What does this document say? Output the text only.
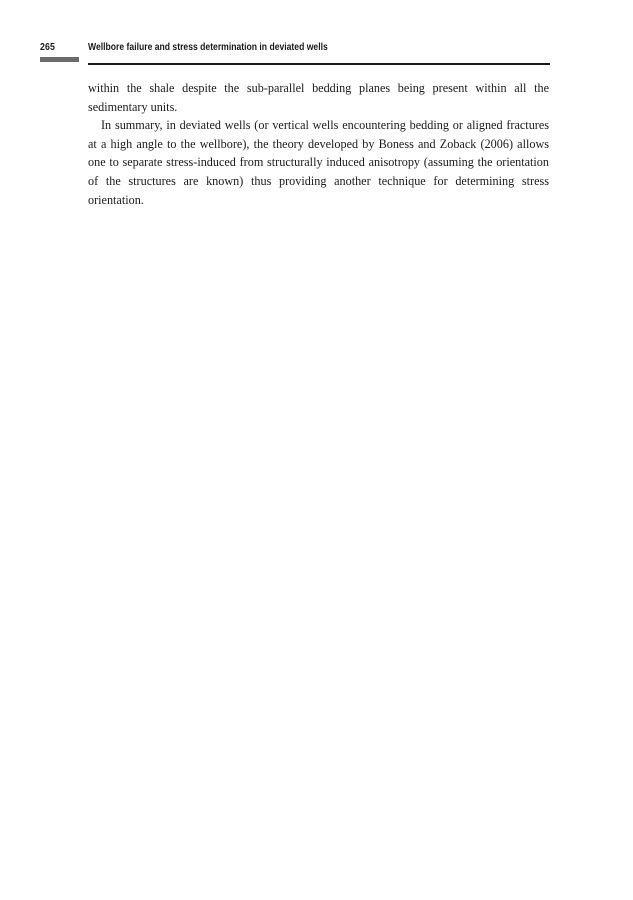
265	Wellbore failure and stress determination in deviated wells

within the shale despite the sub-parallel bedding planes being present within all the sedimentary units.

In summary, in deviated wells (or vertical wells encountering bedding or aligned fractures at a high angle to the wellbore), the theory developed by Boness and Zoback (2006) allows one to separate stress-induced from structurally induced anisotropy (assuming the orientation of the structures are known) thus providing another technique for determining stress orientation.
